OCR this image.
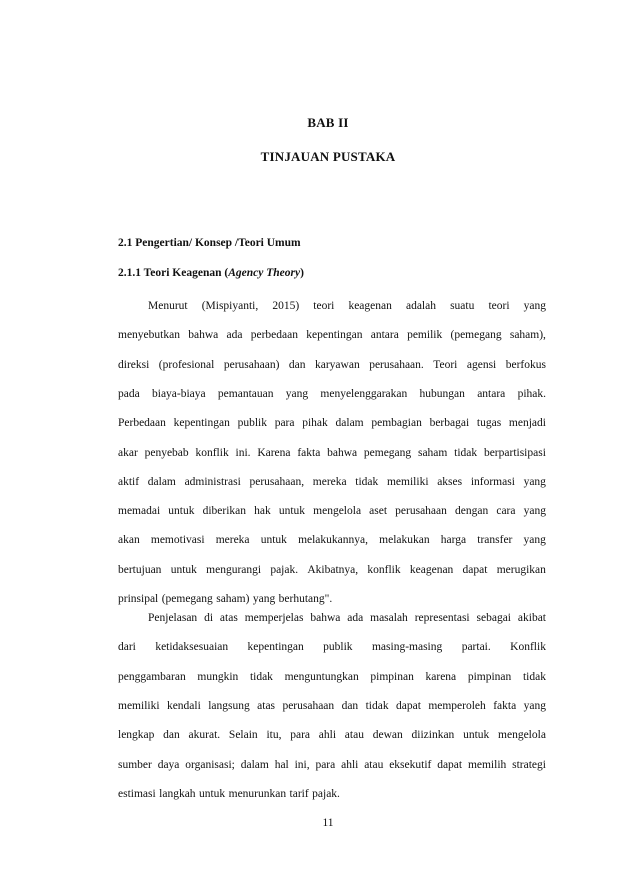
BAB II
TINJAUAN PUSTAKA
2.1 Pengertian/ Konsep /Teori Umum
2.1.1 Teori Keagenan (Agency Theory)
Menurut (Mispiyanti, 2015) teori keagenan adalah suatu teori yang
menyebutkan bahwa ada perbedaan kepentingan antara pemilik (pemegang saham),
direksi (profesional perusahaan) dan karyawan perusahaan. Teori agensi berfokus
pada biaya-biaya pemantauan yang menyelenggarakan hubungan antara pihak.
Perbedaan kepentingan publik para pihak dalam pembagian berbagai tugas menjadi
akar penyebab konflik ini. Karena fakta bahwa pemegang saham tidak berpartisipasi
aktif dalam administrasi perusahaan, mereka tidak memiliki akses informasi yang
memadai untuk diberikan hak untuk mengelola aset perusahaan dengan cara yang
akan memotivasi mereka untuk melakukannya, melakukan harga transfer yang
bertujuan untuk mengurangi pajak. Akibatnya, konflik keagenan dapat merugikan
prinsipal (pemegang saham) yang berhutang".
Penjelasan di atas memperjelas bahwa ada masalah representasi sebagai akibat
dari ketidaksesuaian kepentingan publik masing-masing partai. Konflik
penggambaran mungkin tidak menguntungkan pimpinan karena pimpinan tidak
memiliki kendali langsung atas perusahaan dan tidak dapat memperoleh fakta yang
lengkap dan akurat. Selain itu, para ahli atau dewan diizinkan untuk mengelola
sumber daya organisasi; dalam hal ini, para ahli atau eksekutif dapat memilih strategi
estimasi langkah untuk menurunkan tarif pajak.
11
